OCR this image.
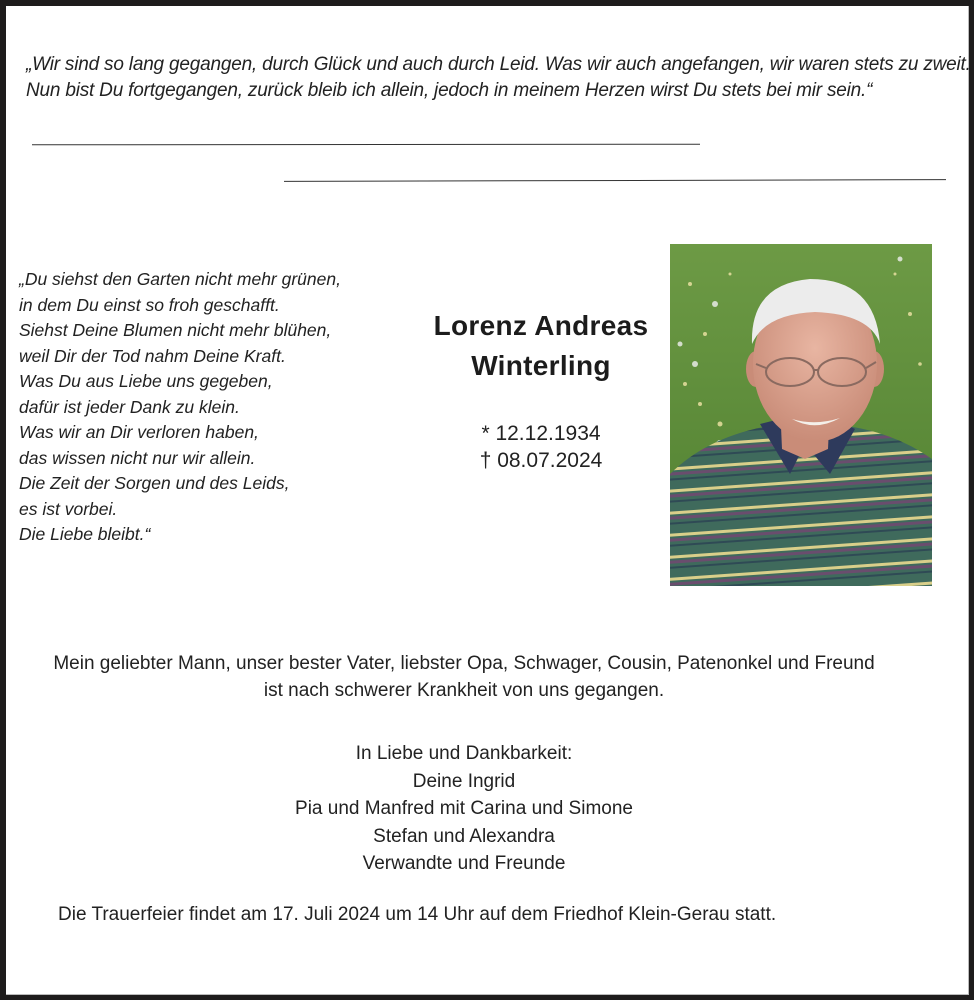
„Wir sind so lang gegangen, durch Glück und auch durch Leid. Was wir auch angefangen, wir waren stets zu zweit.
Nun bist Du fortgegangen, zurück bleib ich allein, jedoch in meinem Herzen wirst Du stets bei mir sein.“
„Du siehst den Garten nicht mehr grünen,
in dem Du einst so froh geschafft.
Siehst Deine Blumen nicht mehr blühen,
weil Dir der Tod nahm Deine Kraft.
Was Du aus Liebe uns gegeben,
dafür ist jeder Dank zu klein.
Was wir an Dir verloren haben,
das wissen nicht nur wir allein.
Die Zeit der Sorgen und des Leids,
es ist vorbei.
Die Liebe bleibt.“
Lorenz Andreas
Winterling
* 12.12.1934
† 08.07.2024
Mein geliebter Mann, unser bester Vater, liebster Opa, Schwager, Cousin, Patenonkel und Freund
ist nach schwerer Krankheit von uns gegangen.
In Liebe und Dankbarkeit:
Deine Ingrid
Pia und Manfred mit Carina und Simone
Stefan und Alexandra
Verwandte und Freunde
Die Trauerfeier findet am 17. Juli 2024 um 14 Uhr auf dem Friedhof Klein-Gerau statt.
